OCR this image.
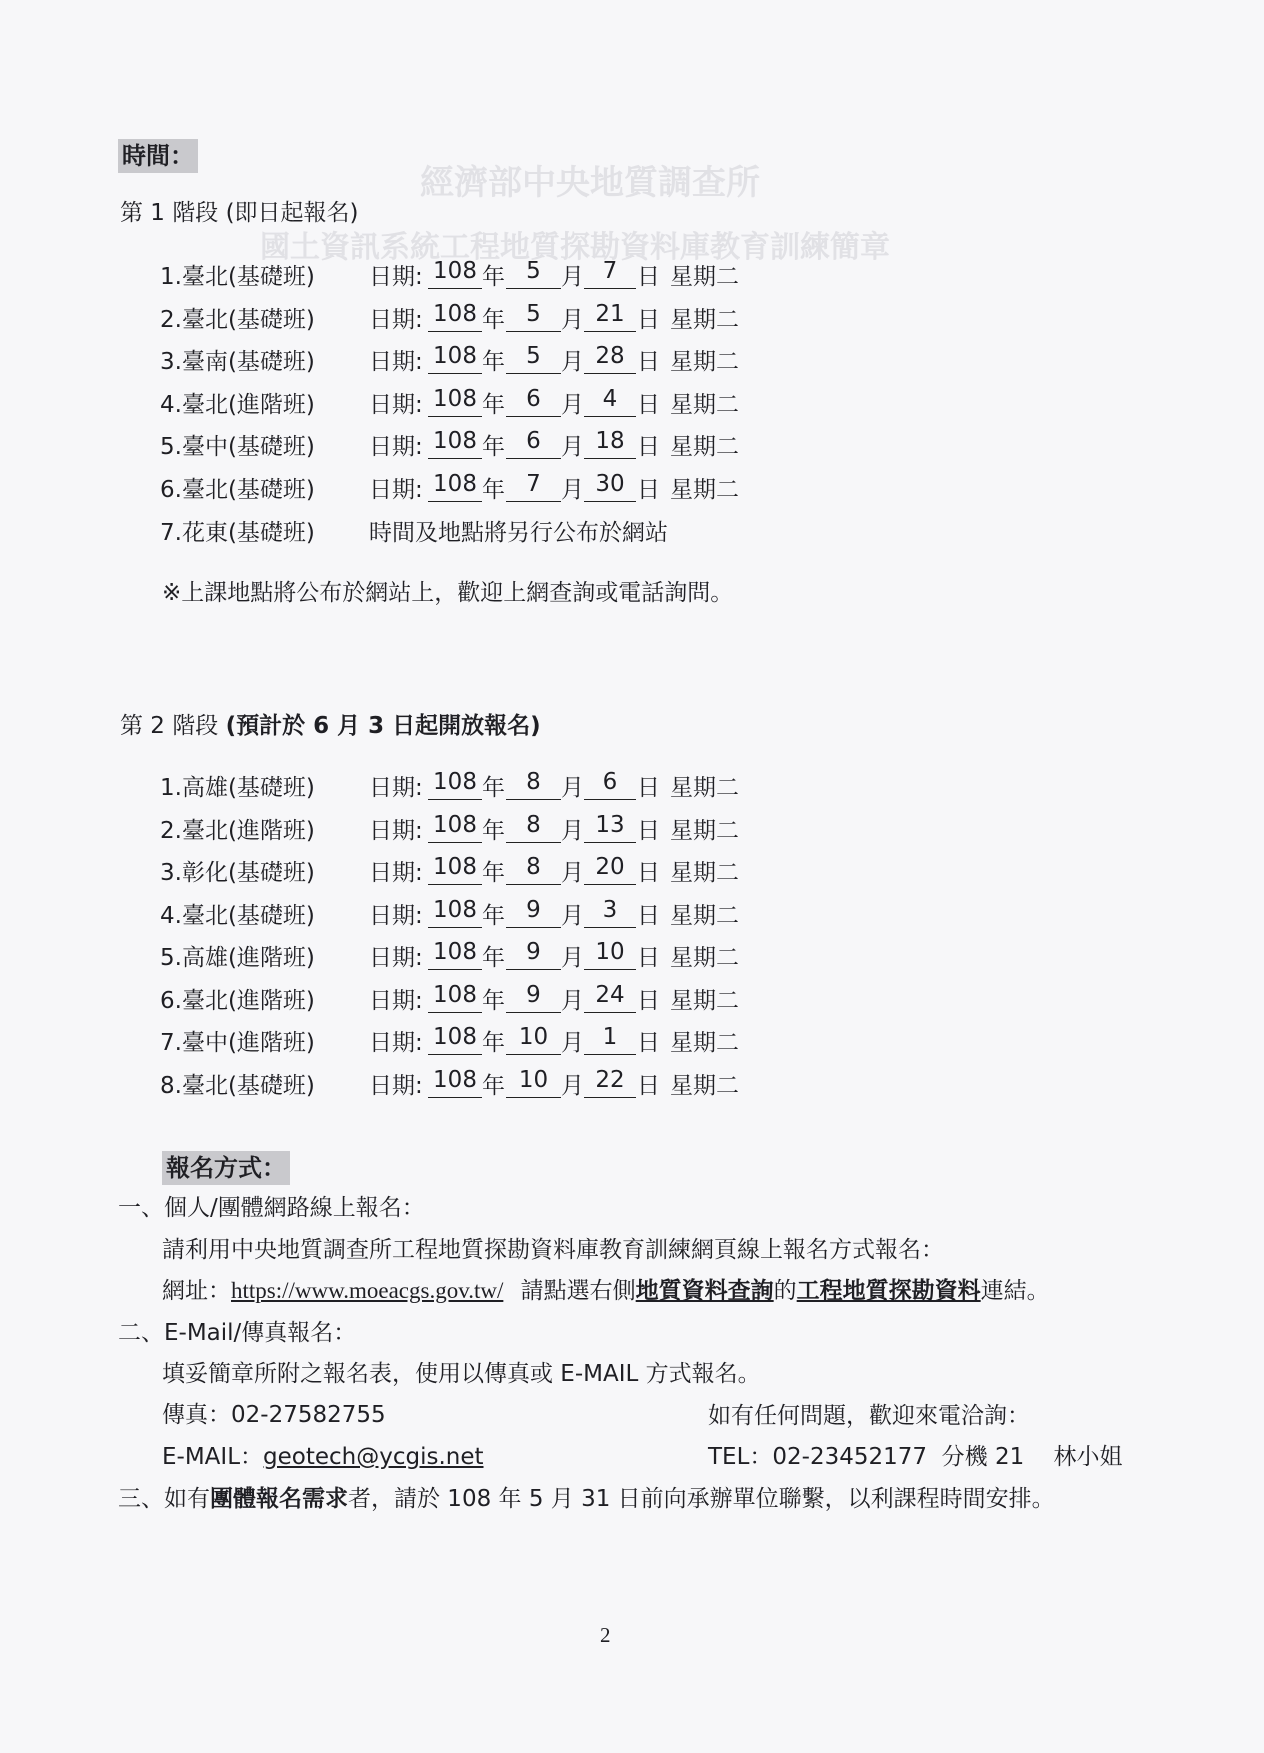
經濟部中央地質調查所
國土資訊系統工程地質探勘資料庫教育訓練簡章
時間：
第 1 階段 (即日起報名)
1.臺北(基礎班) 日期: 108 年 5 月 7 日 星期二
2.臺北(基礎班) 日期: 108 年 5 月 21 日 星期二
3.臺南(基礎班) 日期: 108 年 5 月 28 日 星期二
4.臺北(進階班) 日期: 108 年 6 月 4 日 星期二
5.臺中(基礎班) 日期: 108 年 6 月 18 日 星期二
6.臺北(基礎班) 日期: 108 年 7 月 30 日 星期二
7.花東(基礎班) 時間及地點將另行公布於網站
※上課地點將公布於網站上，歡迎上網查詢或電話詢問。
第 2 階段 (預計於 6 月 3 日起開放報名)
1.高雄(基礎班) 日期: 108 年 8 月 6 日 星期二
2.臺北(進階班) 日期: 108 年 8 月 13 日 星期二
3.彰化(基礎班) 日期: 108 年 8 月 20 日 星期二
4.臺北(基礎班) 日期: 108 年 9 月 3 日 星期二
5.高雄(進階班) 日期: 108 年 9 月 10 日 星期二
6.臺北(進階班) 日期: 108 年 9 月 24 日 星期二
7.臺中(進階班) 日期: 108 年 10 月 1 日 星期二
8.臺北(基礎班) 日期: 108 年 10 月 22 日 星期二
報名方式：
一、個人/團體網路線上報名：
請利用中央地質調查所工程地質探勘資料庫教育訓練網頁線上報名方式報名：
網址：https://www.moeacgs.gov.tw/ 請點選右側地質資料查詢的工程地質探勘資料連結。
二、E-Mail/傳真報名：
填妥簡章所附之報名表，使用以傳真或 E-MAIL 方式報名。
傳真：02-27582755	如有任何問題，歡迎來電洽詢：
E-MAIL：geotech@ycgis.net	TEL：02-23452177  分機 21    林小姐
三、如有團體報名需求者，請於 108 年 5 月 31 日前向承辦單位聯繫，以利課程時間安排。
2
